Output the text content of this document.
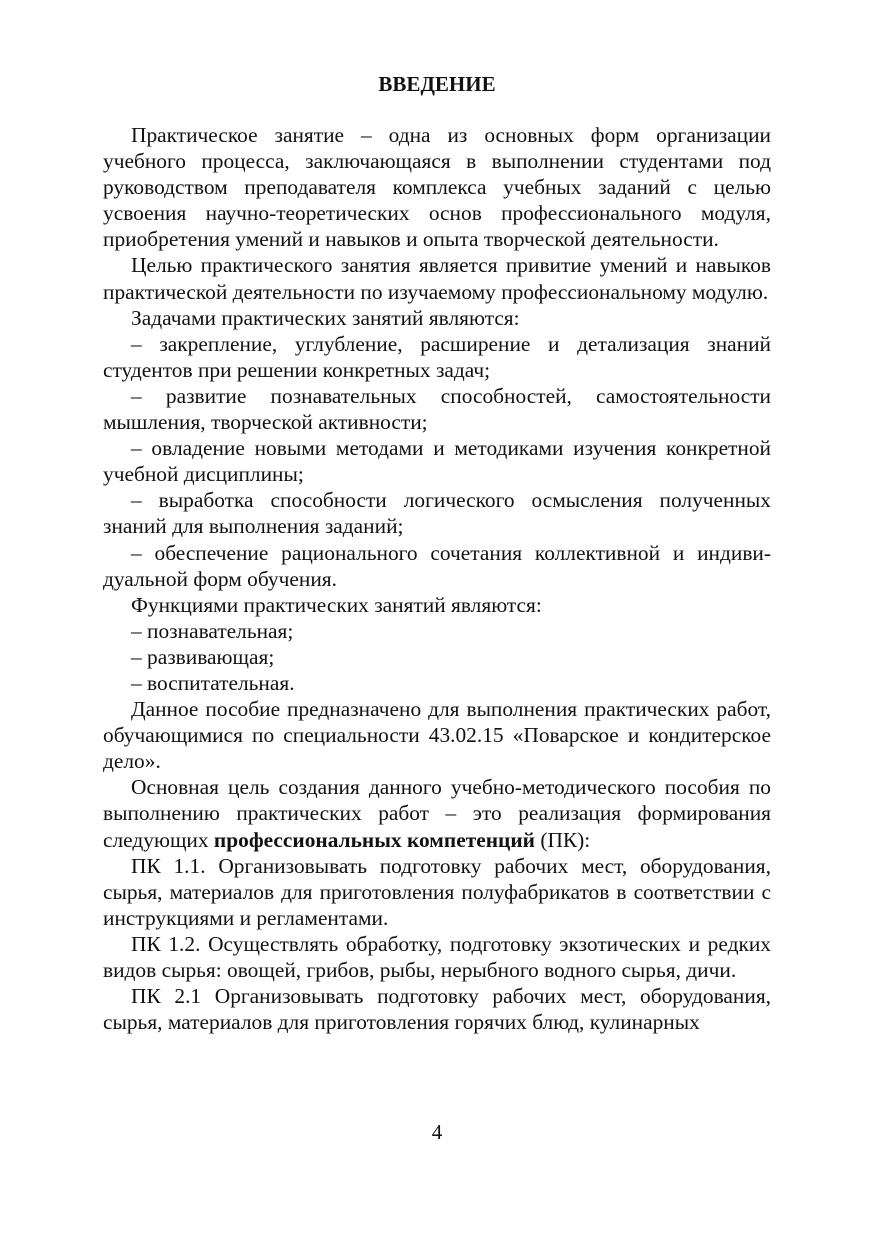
ВВЕДЕНИЕ

Практическое занятие – одна из основных форм организации учебного процесса, заключающаяся в выполнении студентами под руководством преподавателя комплекса учебных заданий с целью усвоения научно-теоретических основ профессионального модуля, приобретения умений и навыков и опыта творческой деятельности.

Целью практического занятия является привитие умений и навыков практической деятельности по изучаемому профессиональному модулю.

Задачами практических занятий являются:

– закрепление, углубление, расширение и детализация знаний студентов при решении конкретных задач;

– развитие познавательных способностей, самостоятельности мышления, творческой активности;

– овладение новыми методами и методиками изучения конкретной учебной дисциплины;

– выработка способности логического осмысления полученных знаний для выполнения заданий;

– обеспечение рационального сочетания коллективной и индивидуальной форм обучения.

Функциями практических занятий являются:

– познавательная;

– развивающая;

– воспитательная.

Данное пособие предназначено для выполнения практических работ, обучающимися по специальности 43.02.15 «Поварское и кондитерское дело».

Основная цель создания данного учебно-методического пособия по выполнению практических работ – это реализация формирования следующих профессиональных компетенций (ПК):

ПК 1.1. Организовывать подготовку рабочих мест, оборудования, сырья, материалов для приготовления полуфабрикатов в соответствии с инструкциями и регламентами.

ПК 1.2. Осуществлять обработку, подготовку экзотических и редких видов сырья: овощей, грибов, рыбы, нерыбного водного сырья, дичи.

ПК 2.1 Организовывать подготовку рабочих мест, оборудования, сырья, материалов для приготовления горячих блюд, кулинарных

4
